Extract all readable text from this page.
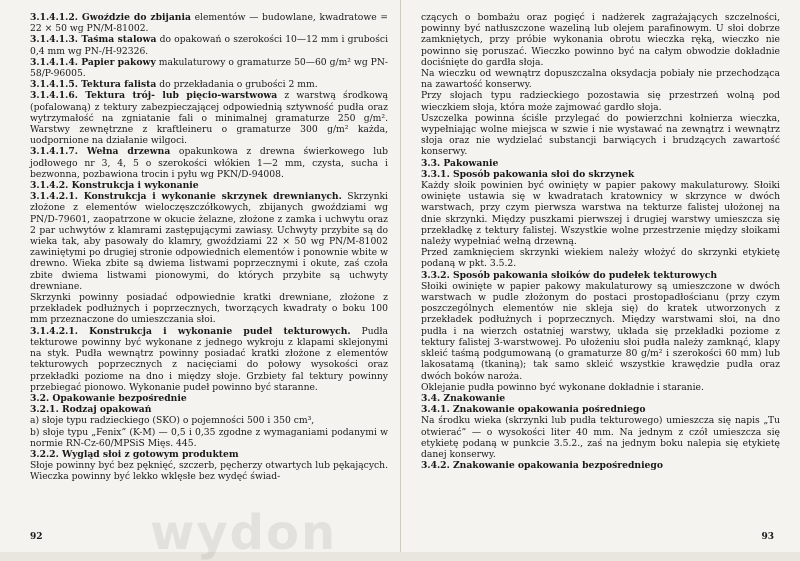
3.1.4.1.2. Gwoździe do zbijania elementów — budowlane, kwadratowe = 22 × 50 wg PN/M-81002.

3.1.4.1.3. Taśma stalowa do opakowań o szerokości 10—12 mm i grubości 0,4 mm wg PN-/H-92326.

3.1.4.1.4. Papier pakowy makulaturowy o gramaturze 50—60 g/m² wg PN-58/P-96005.

3.1.4.1.5. Tektura falista do przekładania o grubości 2 mm.

3.1.4.1.6. Tektura trój- lub pięcio-warstwowa z warstwą środkową (pofalowaną) z tektury zabezpieczającej odpowiednią sztywność pudła oraz wytrzymałość na zgniatanie fali o minimalnej gramaturze 250 g/m². Warstwy zewnętrzne z kraftleineru o gramaturze 300 g/m² każda, uodpornione na działanie wilgoci.

3.1.4.1.7. Wełna drzewna opakunkowa z drewna świerkowego lub jodłowego nr 3, 4, 5 o szerokości włókien 1—2 mm, czysta, sucha i bezwonna, pozbawiona trocin i pyłu wg PKN/D-94008.

3.1.4.2. Konstrukcja i wykonanie

3.1.4.2.1. Konstrukcja i wykonanie skrzynek drewnianych. Skrzynki złożone z elementów wieloczęszczółkowych, zbijanych gwoździami wg PN/D-79601, zaopatrzone w okucie żelazne, złożone z zamka i uchwytu oraz 2 par uchwytów z klamrami zastępującymi zawiasy. Uchwyty przybite są do wieka tak, aby pasowały do klamry, gwoździami 22 × 50 wg PN/M-81002 zawiniętymi po drugiej stronie odpowiednich elementów i ponownie wbite w drewno. Wieka zbite są dwiema listwami poprzecznymi i okute, zaś czoła zbite dwiema listwami pionowymi, do których przybite są uchwyty drewniane.

Skrzynki powinny posiadać odpowiednie kratki drewniane, złożone z przekładek podłużnych i poprzecznych, tworzących kwadraty o boku 100 mm przeznaczone do umieszczania słoi.

3.1.4.2.1. Konstrukcja i wykonanie pudeł tekturowych. Pudła tekturowe powinny być wykonane z jednego wykroju z klapami sklejonymi na styk. Pudła wewnątrz powinny posiadać kratki złożone z elementów tekturowych poprzecznych z nacięciami do połowy wysokości oraz przekładki poziome na dno i między słoje. Grzbiety fal tektury powinny przebiegać pionowo. Wykonanie pudeł powinno być staranne.

3.2. Opakowanie bezpośrednie

3.2.1. Rodzaj opakowań

a) słoje typu radzieckiego (SKO) o pojemności 500 i 350 cm³,

b) słoje typu „Fenix” (K-M) — 0,5 i 0,35 zgodne z wymaganiami podanymi w normie RN-Cz-60/MPSiS Mięs. 445.

3.2.2. Wygląd słoi z gotowym produktem

Słoje powinny być bez pęknięć, szczerb, pęcherzy otwartych lub pękających. Wieczka powinny być lekko wklęsłe bez wydęć świad-

92

czących o bombażu oraz pogięć i nadżerek zagrażających szczelności, powinny być natłuszczone wazeliną lub olejem parafinowym. U słoi dobrze zamkniętych, przy próbie wykonania obrotu wieczka ręką, wieczko nie powinno się poruszać. Wieczko powinno być na całym obwodzie dokładnie dociśnięte do gardła słoja.

Na wieczku od wewnątrz dopuszczalna oksydacja pobiały nie przechodząca na zawartość konserwy.

Przy słojach typu radzieckiego pozostawia się przestrzeń wolną pod wieczkiem słoja, która może zajmować gardło słoja.

Uszczelka powinna ściśle przylegać do powierzchni kołnierza wieczka, wypełniając wolne miejsca w szwie i nie wystawać na zewnątrz i wewnątrz słoja oraz nie wydzielać substancji barwiących i brudzących zawartość konserwy.

3.3. Pakowanie

3.3.1. Sposób pakowania słoi do skrzynek

Każdy słoik powinien być owinięty w papier pakowy makulaturowy. Słoiki owinięte ustawia się w kwadratach kratownicy w skrzynce w dwóch warstwach, przy czym pierwsza warstwa na tekturze falistej ułożonej na dnie skrzynki. Między puszkami pierwszej i drugiej warstwy umieszcza się przekładkę z tektury falistej. Wszystkie wolne przestrzenie między słoikami należy wypełniać wełną drzewną.

Przed zamknięciem skrzynki wiekiem należy włożyć do skrzynki etykietę podaną w pkt. 3.5.2.

3.3.2. Sposób pakowania słoików do pudełek tekturowych

Słoiki owinięte w papier pakowy makulaturowy są umieszczone w dwóch warstwach w pudle złożonym do postaci prostopadłościanu (przy czym poszczególnych elementów nie skleja się) do kratek utworzonych z przekładek podłużnych i poprzecznych. Między warstwami słoi, na dno pudła i na wierzch ostatniej warstwy, układa się przekładki poziome z tektury falistej 3-warstwowej. Po ułożeniu słoi pudła należy zamknąć, klapy skleić taśmą podgumowaną (o gramaturze 80 g/m² i szerokości 60 mm) lub lakosatamą (tkaniną); tak samo skleić wszystkie krawędzie pudła oraz dwóch boków naroża.

Oklejanie pudła powinno być wykonane dokładnie i staranie.

3.4. Znakowanie

3.4.1. Znakowanie opakowania pośredniego

Na środku wieka (skrzynki lub pudła tekturowego) umieszcza się napis „Tu otwierać” — o wysokości liter 40 mm. Na jednym z czół umieszcza się etykietę podaną w punkcie 3.5.2., zaś na jednym boku nalepia się etykietę danej konserwy.

3.4.2. Znakowanie opakowania bezpośredniego

93
